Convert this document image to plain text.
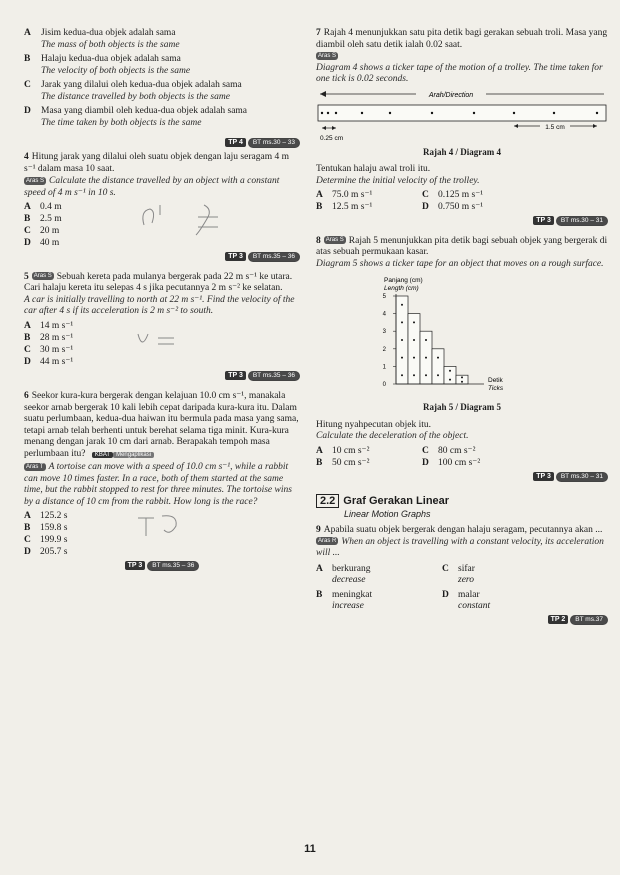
A	Jisim kedua-dua objek adalah sama
The mass of both objects is the same
B	Halaju kedua-dua objek adalah sama
The velocity of both objects is the same
C	Jarak yang dilalui oleh kedua-dua objek adalah sama
The distance travelled by both objects is the same
D	Masa yang diambil oleh kedua-dua objek adalah sama
The time taken by both objects is the same
TP 4 BT ms.30 – 33
4 Hitung jarak yang dilalui oleh suatu objek dengan laju seragam 4 m s⁻¹ dalam masa 10 saat.
Aras S Calculate the distance travelled by an object with a constant speed of 4 m s⁻¹ in 10 s.
A 0.4 m
B	2.5 m
C 20 m
D 40 m
TP 3 BT ms.35 – 36
5 Aras S Sebuah kereta pada mulanya bergerak pada 22 m s⁻¹ ke utara. Cari halaju kereta itu selepas 4 s jika pecutannya 2 m s⁻² ke selatan.
A car is initially travelling to north at 22 m s⁻¹. Find the velocity of the car after 4 s if its acceleration is 2 m s⁻² to south.
A 14 m s⁻¹
B	28 m s⁻¹
C 30 m s⁻¹
D 44 m s⁻¹
TP 3 BT ms.35 – 36
6 Seekor kura-kura bergerak dengan kelajuan 10.0 cm s⁻¹, manakala seekor arnab bergerak 10 kali lebih cepat daripada kura-kura itu. Dalam suatu perlumbaan, kedua-dua haiwan itu bermula pada masa yang sama, tetapi arnab telah berhenti untuk berehat selama tiga minit. Kura-kura menang dengan jarak 10 cm dari arnab. Berapakah tempoh masa perlumbaan itu? KBAT Mengaplikasi
Aras T A tortoise can move with a speed of 10.0 cm s⁻¹, while a rabbit can move 10 times faster. In a race, both of them started at the same time, but the rabbit stopped to rest for three minutes. The tortoise wins by a distance of 10 cm from the rabbit. How long is the race?
A 125.2 s
B	159.8 s
C 199.9 s
D 205.7 s
TP 3 BT ms.35 – 36
7 Rajah 4 menunjukkan satu pita detik bagi gerakan sebuah troli. Masa yang diambil oleh satu detik ialah 0.02 saat.
Aras S
Diagram 4 shows a ticker tape of the motion of a trolley. The time taken for one tick is 0.02 seconds.
Arah/Direction
0.25 cm
1.5 cm
Rajah 4 / Diagram 4
Tentukan halaju awal troli itu.
Determine the initial velocity of the trolley.
A 75.0 m s⁻¹	C 0.125 m s⁻¹
B	12.5 m s⁻¹	D 0.750 m s⁻¹
TP 3 BT ms.30 – 31
8 Aras S Rajah 5 menunjukkan pita detik bagi sebuah objek yang bergerak di atas sebuah permukaan kasar.
Diagram 5 shows a ticker tape for an object that moves on a rough surface.
Panjang (cm)
Length (cm)
0
1
2
3
4
5
Detik
Ticks
Rajah 5 / Diagram 5
Hitung nyahpecutan objek itu.
Calculate the deceleration of the object.
A 10 cm s⁻²	C 80 cm s⁻²
B	50 cm s⁻²	D 100 cm s⁻²
TP 3 BT ms.30 – 31
2.2 Graf Gerakan Linear
Linear Motion Graphs
9 Apabila suatu objek bergerak dengan halaju seragam, pecutannya akan ...
Aras R When an object is travelling with a constant velocity, its acceleration will ...
A berkurang
decrease
C sifar
zero
B	meningkat
increase
D malar
constant
TP 2 BT ms.37
11
